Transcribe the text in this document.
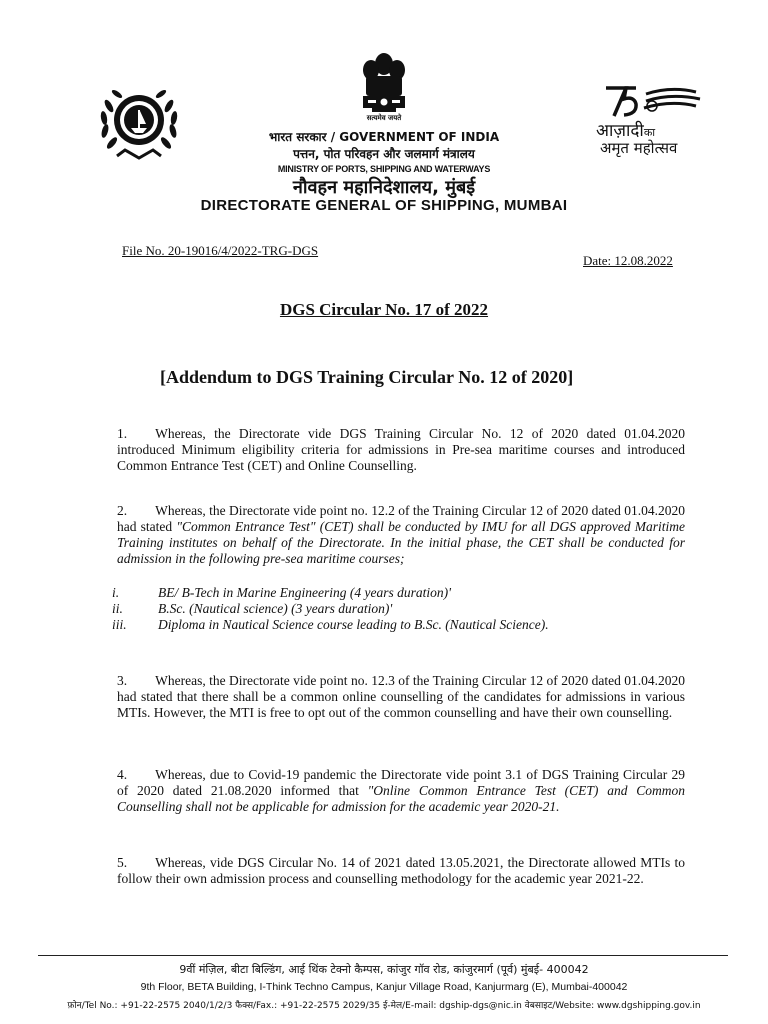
सत्यमेव जयते
आज़ादीका
अमृत महोत्सव
भारत सरकार / GOVERNMENT OF INDIA
पत्तन, पोत परिवहन और जलमार्ग मंत्रालय
MINISTRY OF PORTS, SHIPPING AND WATERWAYS
नौवहन महानिदेशालय, मुंबई
DIRECTORATE GENERAL OF SHIPPING, MUMBAI
File No. 20-19016/4/2022-TRG-DGS
Date: 12.08.2022
DGS Circular No. 17 of 2022
[Addendum to DGS Training Circular No. 12 of 2020]
1. Whereas, the Directorate vide DGS Training Circular No. 12 of 2020 dated 01.04.2020 introduced Minimum eligibility criteria for admissions in Pre-sea maritime courses and introduced Common Entrance Test (CET) and Online Counselling.
2. Whereas, the Directorate vide point no. 12.2 of the Training Circular 12 of 2020 dated 01.04.2020 had stated "Common Entrance Test" (CET) shall be conducted by IMU for all DGS approved Maritime Training institutes on behalf of the Directorate. In the initial phase, the CET shall be conducted for admission in the following pre-sea maritime courses;
i.	BE/ B-Tech in Marine Engineering (4 years duration)'
ii.	B.Sc. (Nautical science) (3 years duration)'
iii.	Diploma in Nautical Science course leading to B.Sc. (Nautical Science).
3. Whereas, the Directorate vide point no. 12.3 of the Training Circular 12 of 2020 dated 01.04.2020 had stated that there shall be a common online counselling of the candidates for admissions in various MTIs. However, the MTI is free to opt out of the common counselling and have their own counselling.
4. Whereas, due to Covid-19 pandemic the Directorate vide point 3.1 of DGS Training Circular 29 of 2020 dated 21.08.2020 informed that "Online Common Entrance Test (CET) and Common Counselling shall not be applicable for admission for the academic year 2020-21.
5. Whereas, vide DGS Circular No. 14 of 2021 dated 13.05.2021, the Directorate allowed MTIs to follow their own admission process and counselling methodology for the academic year 2021-22.
9वीं मंज़िल, बीटा बिल्डिंग, आई थिंक टेक्नो कैम्पस, कांजुर गॉव रोड, कांजुरमार्ग (पूर्व) मुंबई- 400042
9th Floor, BETA Building, I-Think Techno Campus, Kanjur Village Road, Kanjurmarg (E), Mumbai-400042
फ़ोन/Tel No.: +91-22-2575 2040/1/2/3 फैक्स/Fax.: +91-22-2575 2029/35 ई-मेल/E-mail: dgship-dgs@nic.in वेबसाइट/Website: www.dgshipping.gov.in
